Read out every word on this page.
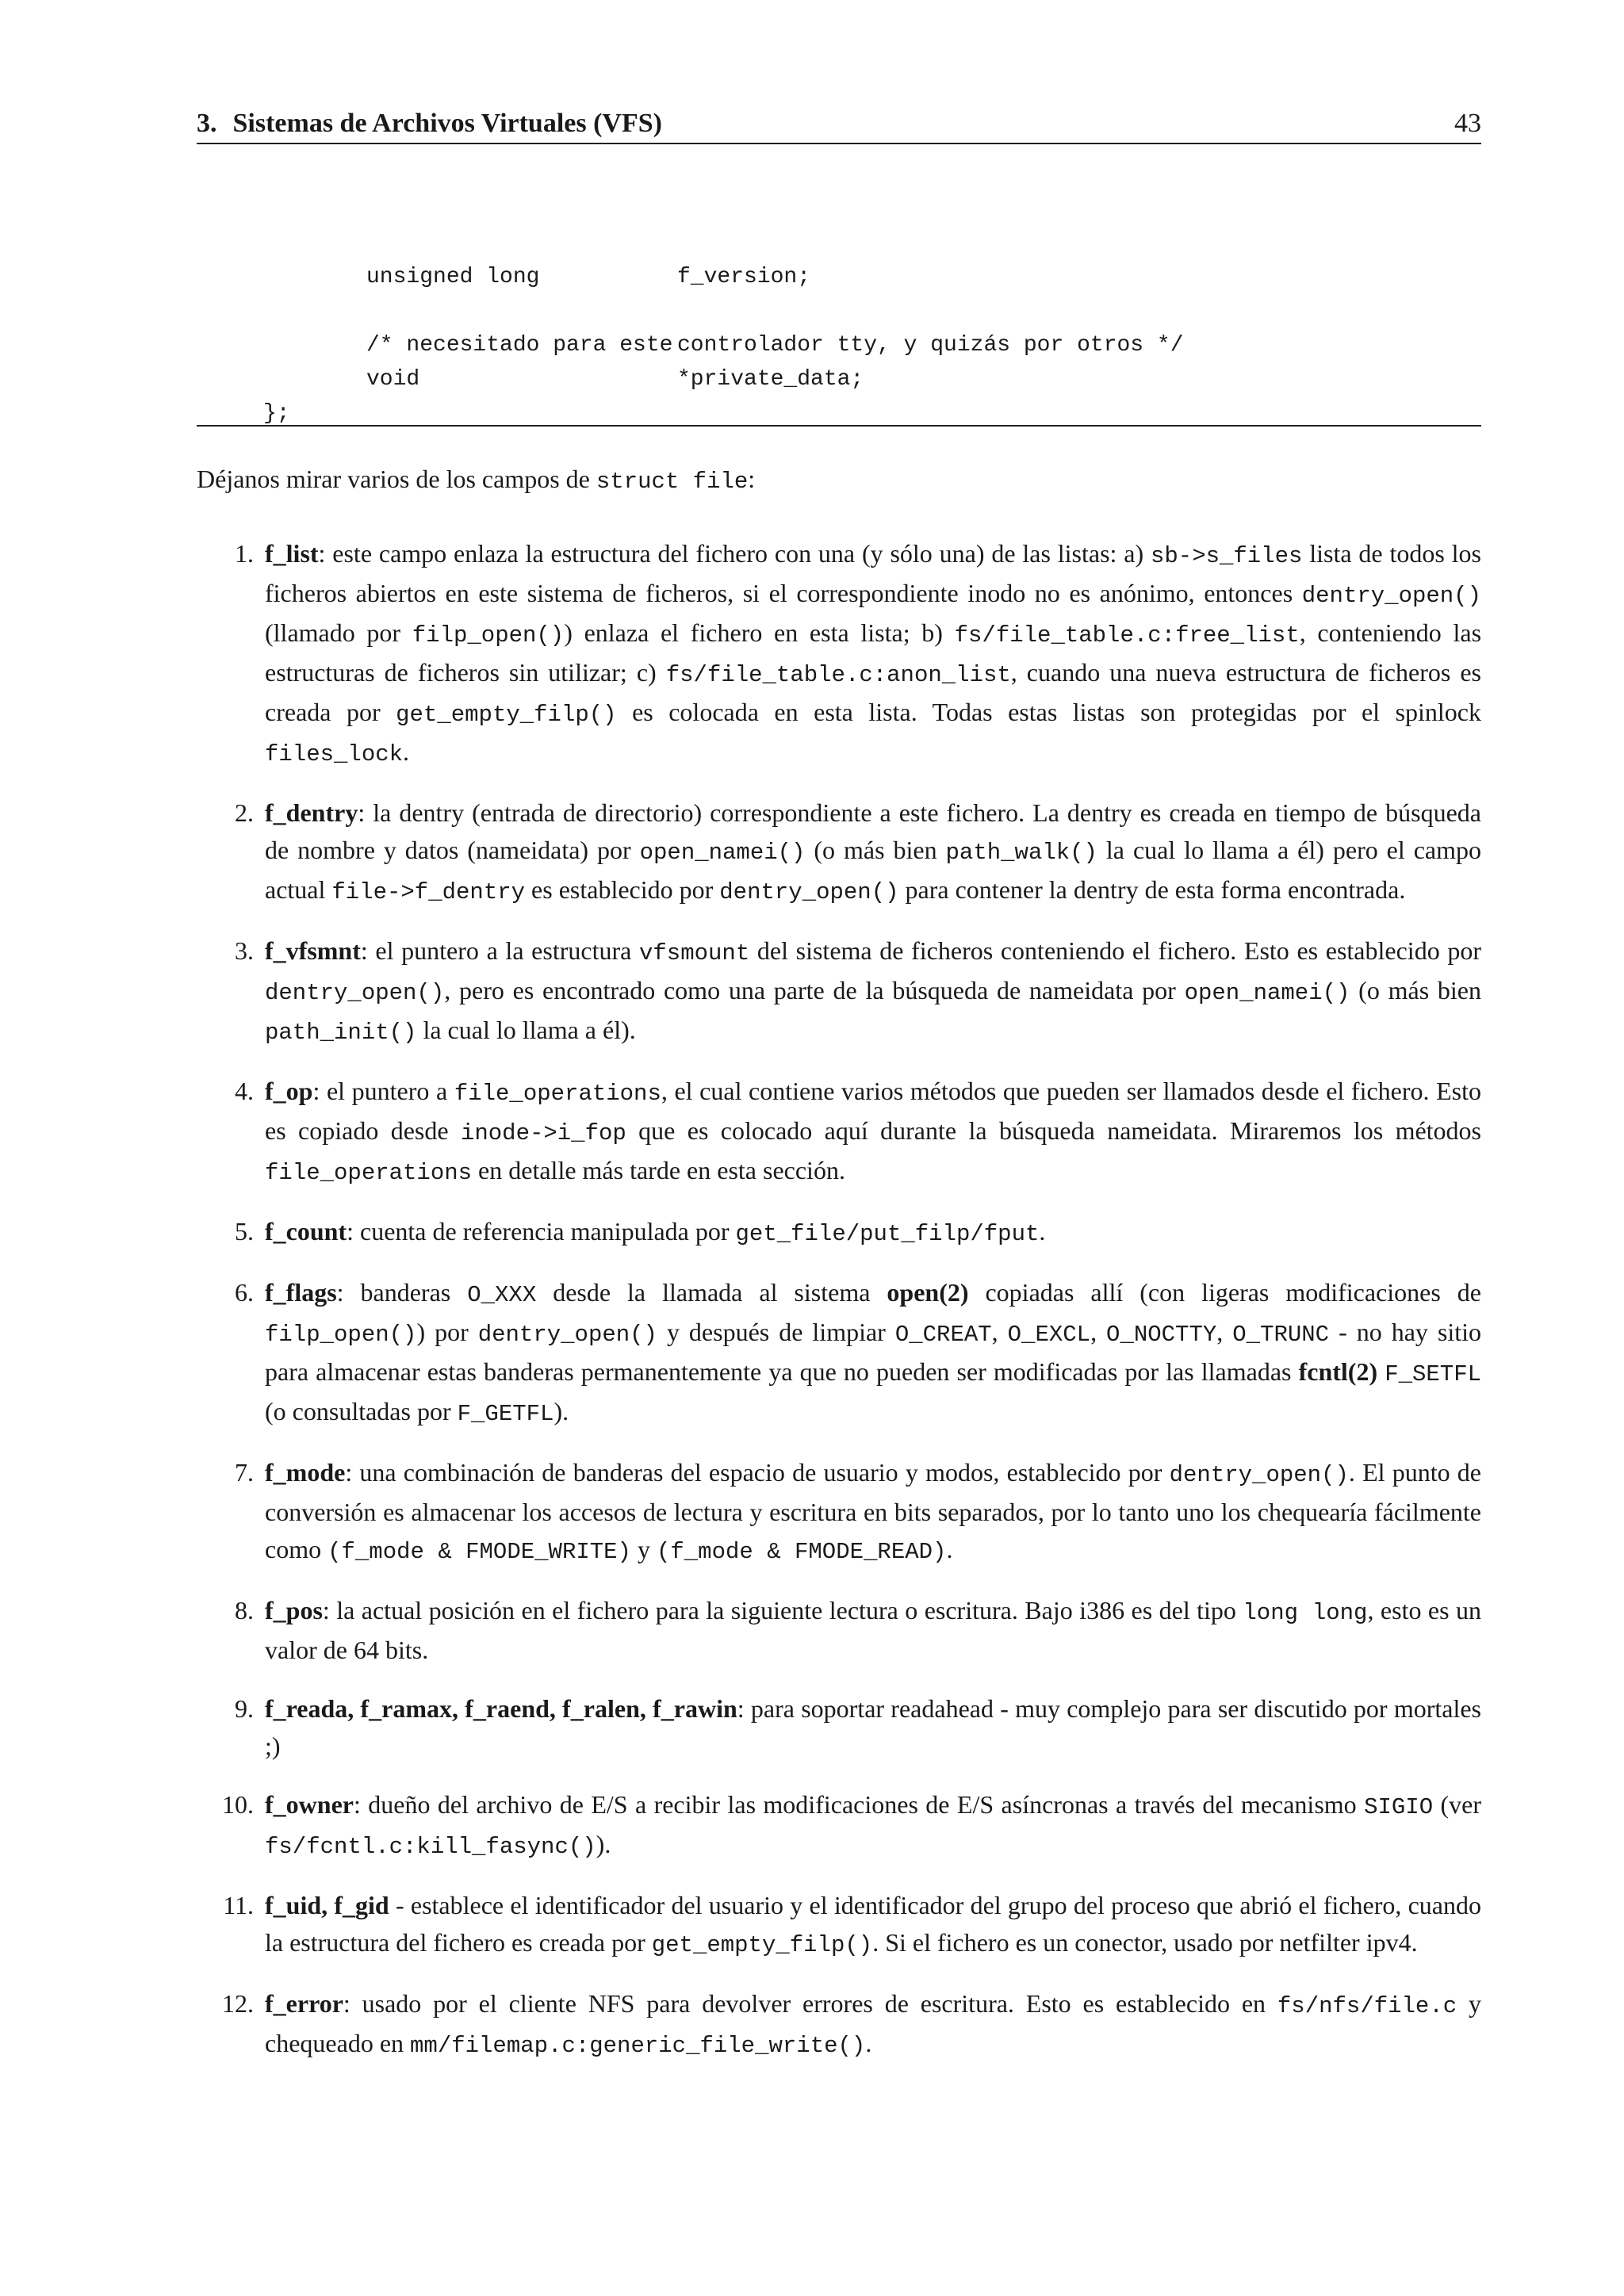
3. Sistemas de Archivos Virtuales (VFS)	43
unsigned long	f_version;
/* necesitado para este controlador tty, y quizás por otros */
void	*private_data;
};
Déjanos mirar varios de los campos de struct file:
1. f_list: este campo enlaza la estructura del fichero con una (y sólo una) de las listas: a) sb->s_files lista de todos los ficheros abiertos en este sistema de ficheros, si el correspondiente inodo no es anónimo, entonces dentry_open() (llamado por filp_open()) enlaza el fichero en esta lista; b) fs/file_table.c:free_list, conteniendo las estructuras de ficheros sin utilizar; c) fs/file_table.c:anon_list, cuando una nueva estructura de ficheros es creada por get_empty_filp() es colocada en esta lista. Todas estas listas son protegidas por el spinlock files_lock.
2. f_dentry: la dentry (entrada de directorio) correspondiente a este fichero. La dentry es creada en tiempo de búsqueda de nombre y datos (nameidata) por open_namei() (o más bien path_walk() la cual lo llama a él) pero el campo actual file->f_dentry es establecido por dentry_open() para contener la dentry de esta forma encontrada.
3. f_vfsmnt: el puntero a la estructura vfsmount del sistema de ficheros conteniendo el fichero. Esto es establecido por dentry_open(), pero es encontrado como una parte de la búsqueda de nameidata por open_namei() (o más bien path_init() la cual lo llama a él).
4. f_op: el puntero a file_operations, el cual contiene varios métodos que pueden ser llamados desde el fichero. Esto es copiado desde inode->i_fop que es colocado aquí durante la búsqueda nameidata. Miraremos los métodos file_operations en detalle más tarde en esta sección.
5. f_count: cuenta de referencia manipulada por get_file/put_filp/fput.
6. f_flags: banderas O_XXX desde la llamada al sistema open(2) copiadas allí (con ligeras modificaciones de filp_open()) por dentry_open() y después de limpiar O_CREAT, O_EXCL, O_NOCTTY, O_TRUNC - no hay sitio para almacenar estas banderas permanentemente ya que no pueden ser modificadas por las llamadas fcntl(2) F_SETFL (o consultadas por F_GETFL).
7. f_mode: una combinación de banderas del espacio de usuario y modos, establecido por dentry_open(). El punto de conversión es almacenar los accesos de lectura y escritura en bits separados, por lo tanto uno los chequearía fácilmente como (f_mode & FMODE_WRITE) y (f_mode & FMODE_READ).
8. f_pos: la actual posición en el fichero para la siguiente lectura o escritura. Bajo i386 es del tipo long long, esto es un valor de 64 bits.
9. f_reada, f_ramax, f_raend, f_ralen, f_rawin: para soportar readahead - muy complejo para ser discutido por mortales ;)
10. f_owner: dueño del archivo de E/S a recibir las modificaciones de E/S asíncronas a través del mecanismo SIGIO (ver fs/fcntl.c:kill_fasync()).
11. f_uid, f_gid - establece el identificador del usuario y el identificador del grupo del proceso que abrió el fichero, cuando la estructura del fichero es creada por get_empty_filp(). Si el fichero es un conector, usado por netfilter ipv4.
12. f_error: usado por el cliente NFS para devolver errores de escritura. Esto es establecido en fs/nfs/file.c y chequeado en mm/filemap.c:generic_file_write().
